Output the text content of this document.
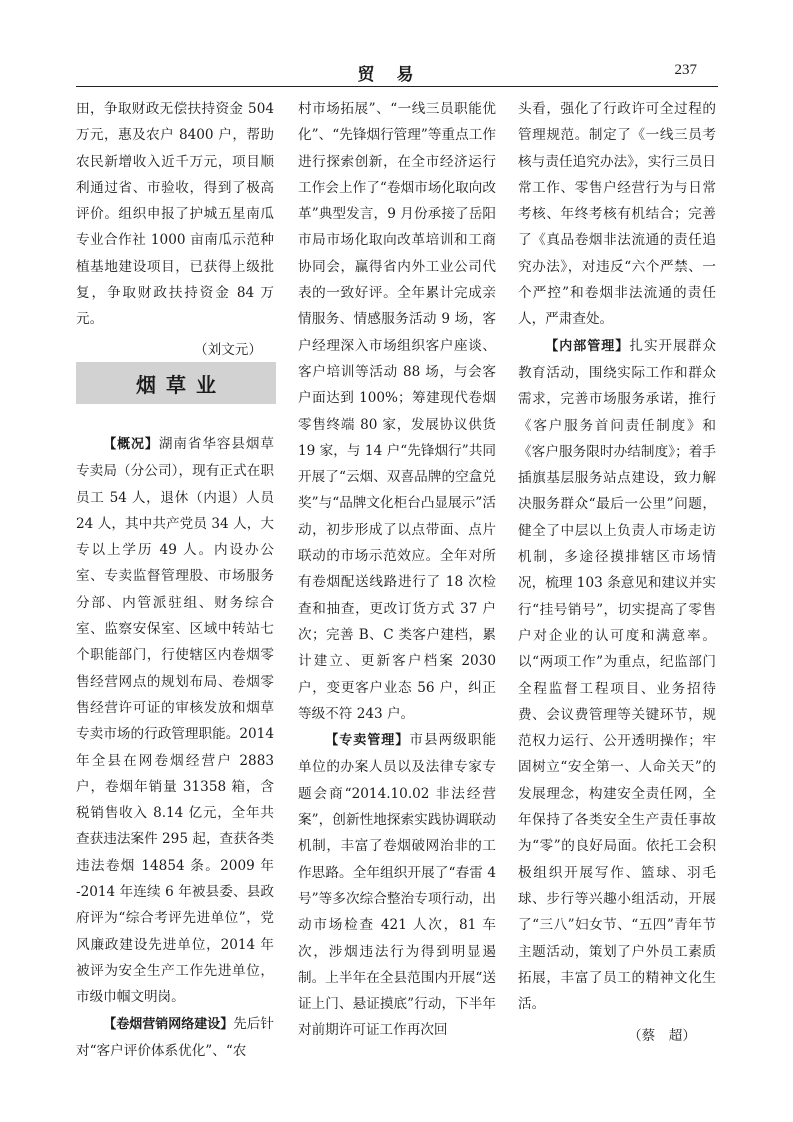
贸易	237

田，争取财政无偿扶持资金 504 万元，惠及农户 8400 户，帮助农民新增收入近千万元，项目顺利通过省、市验收，得到了极高评价。组织申报了护城五星南瓜专业合作社 1000 亩南瓜示范种植基地建设项目，已获得上级批复，争取财政扶持资金 84 万元。

（刘文元）

烟草业

【概况】湖南省华容县烟草专卖局（分公司），现有正式在职员工 54 人，退休（内退）人员 24 人，其中共产党员 34 人，大专以上学历 49 人。内设办公室、专卖监督管理股、市场服务分部、内管派驻组、财务综合室、监察安保室、区域中转站七个职能部门，行使辖区内卷烟零售经营网点的规划布局、卷烟零售经营许可证的审核发放和烟草专卖市场的行政管理职能。2014 年全县在网卷烟经营户 2883 户，卷烟年销量 31358 箱，含税销售收入 8.14 亿元，全年共查获违法案件 295 起，查获各类违法卷烟 14854 条。2009 年 -2014 年连续 6 年被县委、县政府评为“综合考评先进单位”，党风廉政建设先进单位，2014 年被评为安全生产工作先进单位，市级巾帼文明岗。

【卷烟营销网络建设】先后针对“客户评价体系优化”、“农

村市场拓展”、“一线三员职能优化”、“先锋烟行管理”等重点工作进行探索创新，在全市经济运行工作会上作了“卷烟市场化取向改革”典型发言，9 月份承接了岳阳市局市场化取向改革培训和工商协同会，赢得省内外工业公司代表的一致好评。全年累计完成亲情服务、情感服务活动 9 场，客户经理深入市场组织客户座谈、客户培训等活动 88 场，与会客户面达到 100%；筹建现代卷烟零售终端 80 家，发展协议供货 19 家，与 14 户“先锋烟行”共同开展了“云烟、双喜品牌的空盒兑奖”与“品牌文化柜台凸显展示”活动，初步形成了以点带面、点片联动的市场示范效应。全年对所有卷烟配送线路进行了 18 次检查和抽查，更改订货方式 37 户次；完善 B、C 类客户建档，累计建立、更新客户档案 2030 户，变更客户业态 56 户，纠正等级不符 243 户。

【专卖管理】市县两级职能单位的办案人员以及法律专家专题会商“2014.10.02 非法经营案”，创新性地探索实践协调联动机制，丰富了卷烟破网治非的工作思路。全年组织开展了“春雷 4 号”等多次综合整治专项行动，出动市场检查 421 人次，81 车次，涉烟违法行为得到明显遏制。上半年在全县范围内开展“送证上门、悬证摸底”行动，下半年对前期许可证工作再次回

头看，强化了行政许可全过程的管理规范。制定了《一线三员考核与责任追究办法》，实行三员日常工作、零售户经营行为与日常考核、年终考核有机结合；完善了《真品卷烟非法流通的责任追究办法》，对违反“六个严禁、一个严控”和卷烟非法流通的责任人，严肃查处。

【内部管理】扎实开展群众教育活动，围绕实际工作和群众需求，完善市场服务承诺，推行《客户服务首问责任制度》和《客户服务限时办结制度》；着手插旗基层服务站点建设，致力解决服务群众“最后一公里”问题，健全了中层以上负责人市场走访机制，多途径摸排辖区市场情况，梳理 103 条意见和建议并实行“挂号销号”，切实提高了零售户对企业的认可度和满意率。以“两项工作”为重点，纪监部门全程监督工程项目、业务招待费、会议费管理等关键环节，规范权力运行、公开透明操作；牢固树立“安全第一、人命关天”的发展理念，构建安全责任网，全年保持了各类安全生产责任事故为“零”的良好局面。依托工会积极组织开展写作、篮球、羽毛球、步行等兴趣小组活动，开展了“三八”妇女节、“五四”青年节主题活动，策划了户外员工素质拓展，丰富了员工的精神文化生活。

（蔡　超）
